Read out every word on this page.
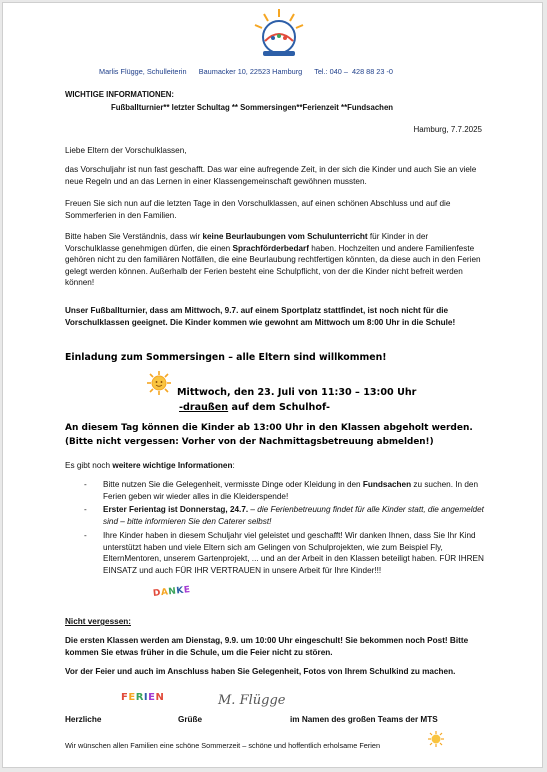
Marlis Flügge, Schulleiterin      Baumacker 10, 22523 Hamburg      Tel.: 040 –  428 88 23 -0
WICHTIGE INFORMATIONEN:
Fußballturnier** letzter Schultag ** Sommersingen**Ferienzeit **Fundsachen
Hamburg, 7.7.2025
Liebe Eltern der Vorschulklassen,
das Vorschuljahr ist nun fast geschafft. Das war eine aufregende Zeit, in der sich die Kinder und auch Sie an viele neue Regeln und an das Lernen in einer Klassengemeinschaft gewöhnen mussten.
Freuen Sie sich nun auf die letzten Tage in den Vorschulklassen, auf einen schönen Abschluss und auf die Sommerferien in den Familien.
Bitte haben Sie Verständnis, dass wir keine Beurlaubungen vom Schulunterricht für Kinder in der Vorschulklasse genehmigen dürfen, die einen Sprachförderbedarf haben. Hochzeiten und andere Familienfeste gehören nicht zu den familiären Notfällen, die eine Beurlaubung rechtfertigen könnten, da diese auch in den Ferien gelegt werden können. Außerhalb der Ferien besteht eine Schulpflicht, von der die Kinder nicht befreit werden können!
Unser Fußballturnier, dass am Mittwoch, 9.7. auf einem Sportplatz stattfindet, ist noch nicht für die Vorschulklassen geeignet. Die Kinder kommen wie gewohnt am Mittwoch um 8:00 Uhr in die Schule!
Einladung zum Sommersingen – alle Eltern sind willkommen!
Mittwoch, den 23. Juli von 11:30 – 13:00 Uhr
-draußen auf dem Schulhof-
An diesem Tag können die Kinder ab 13:00 Uhr in den Klassen abgeholt werden.
(Bitte nicht vergessen: Vorher von der Nachmittagsbetreuung abmelden!)
Es gibt noch weitere wichtige Informationen:
- Bitte nutzen Sie die Gelegenheit, vermisste Dinge oder Kleidung in den Fundsachen zu suchen. In den Ferien geben wir wieder alles in die Kleiderspende!
- Erster Ferientag ist Donnerstag, 24.7. – die Ferienbetreuung findet für alle Kinder statt, die angemeldet sind – bitte informieren Sie den Caterer selbst!
- Ihre Kinder haben in diesem Schuljahr viel geleistet und geschafft! Wir danken Ihnen, dass Sie Ihr Kind unterstützt haben und viele Eltern sich am Gelingen von Schulprojekten, wie zum Beispiel Fly, ElternMentoren, unserem Gartenprojekt, ... und an der Arbeit in den Klassen beteiligt haben. FÜR IHREN EINSATZ und auch FÜR IHR VERTRAUEN in unsere Arbeit für Ihre Kinder!!!
DANKE
Nicht vergessen:
Die ersten Klassen werden am Dienstag, 9.9. um 10:00 Uhr eingeschult! Sie bekommen noch Post! Bitte kommen Sie etwas früher in die Schule, um die Feier nicht zu stören.
Vor der Feier und auch im Anschluss haben Sie Gelegenheit, Fotos von Ihrem Schulkind zu machen.
Herzliche
FERIEN
Grüße
M. Flügge
im Namen des großen Teams der MTS
Wir wünschen allen Familien eine schöne Sommerzeit – schöne und hoffentlich erholsame Ferien
